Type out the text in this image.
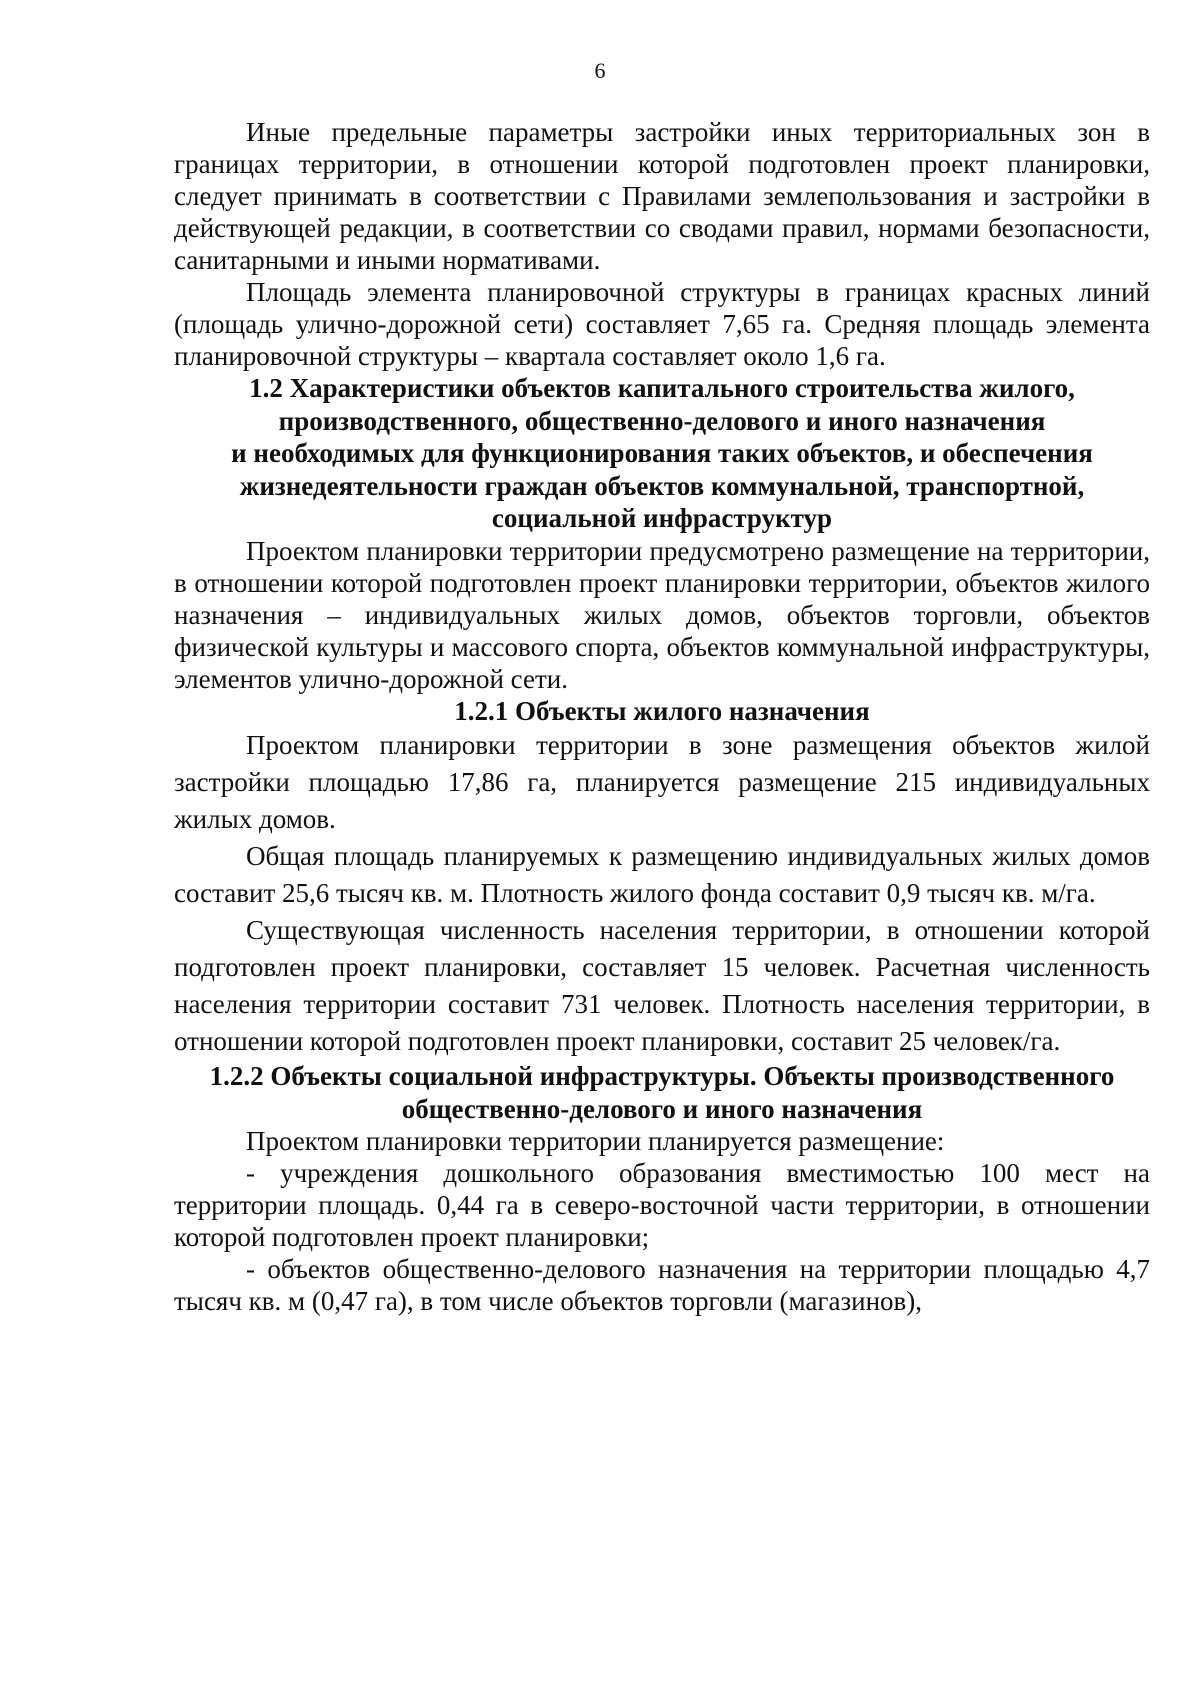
6

Иные предельные параметры застройки иных территориальных зон в границах территории, в отношении которой подготовлен проект планировки, следует принимать в соответствии с Правилами землепользования и застройки в действующей редакции, в соответствии со сводами правил, нормами безопасности, санитарными и иными нормативами.

Площадь элемента планировочной структуры в границах красных линий (площадь улично-дорожной сети) составляет 7,65 га. Средняя площадь элемента планировочной структуры – квартала составляет около 1,6 га.

1.2 Характеристики объектов капитального строительства жилого,
производственного, общественно-делового и иного назначения
и необходимых для функционирования таких объектов, и обеспечения
жизнедеятельности граждан объектов коммунальной, транспортной,
социальной инфраструктур

Проектом планировки территории предусмотрено размещение на территории, в отношении которой подготовлен проект планировки территории, объектов жилого назначения – индивидуальных жилых домов, объектов торговли, объектов физической культуры и массового спорта, объектов коммунальной инфраструктуры, элементов улично-дорожной сети.

1.2.1 Объекты жилого назначения

Проектом планировки территории в зоне размещения объектов жилой застройки площадью 17,86 га, планируется размещение 215 индивидуальных жилых домов.

Общая площадь планируемых к размещению индивидуальных жилых домов составит 25,6 тысяч кв. м. Плотность жилого фонда составит 0,9 тысяч кв. м/га.

Существующая численность населения территории, в отношении которой подготовлен проект планировки, составляет 15 человек. Расчетная численность населения территории составит 731 человек. Плотность населения территории, в отношении которой подготовлен проект планировки, составит 25 человек/га.

1.2.2 Объекты социальной инфраструктуры. Объекты производственного
общественно-делового и иного назначения

Проектом планировки территории планируется размещение:

- учреждения дошкольного образования вместимостью 100 мест на территории площадь. 0,44 га в северо-восточной части территории, в отношении которой подготовлен проект планировки;

- объектов общественно-делового назначения на территории площадью 4,7 тысяч кв. м (0,47 га), в том числе объектов торговли (магазинов),
